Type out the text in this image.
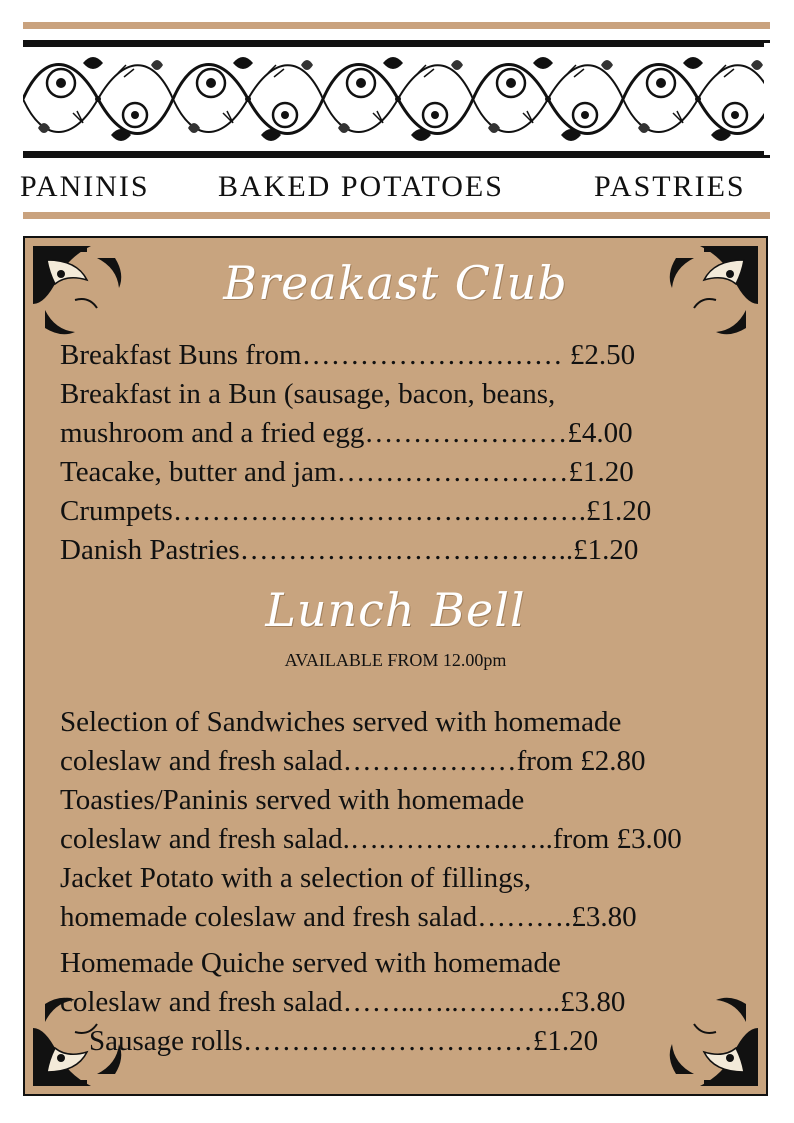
PANINIS BAKED POTATOES	PASTRIES
Breakast Club
Breakfast Buns from……………………… £2.50
Breakfast in a Bun (sausage, bacon, beans,
mushroom and a fried egg…………………£4.00
Teacake, butter and jam……………………£1.20
Crumpets…………………………………….£1.20
Danish Pastries……………………………..£1.20
Lunch Bell
AVAILABLE FROM 12.00pm
Selection of Sandwiches served with homemade
coleslaw and fresh salad………………from £2.80
Toasties/Paninis served with homemade
coleslaw and fresh salad.….………….…..from £3.00
Jacket Potato with a selection of fillings,
homemade coleslaw and fresh salad……….£3.80
Homemade Quiche served with homemade
coleslaw and fresh salad……..…..………..£3.80
Sausage rolls…………………………£1.20
